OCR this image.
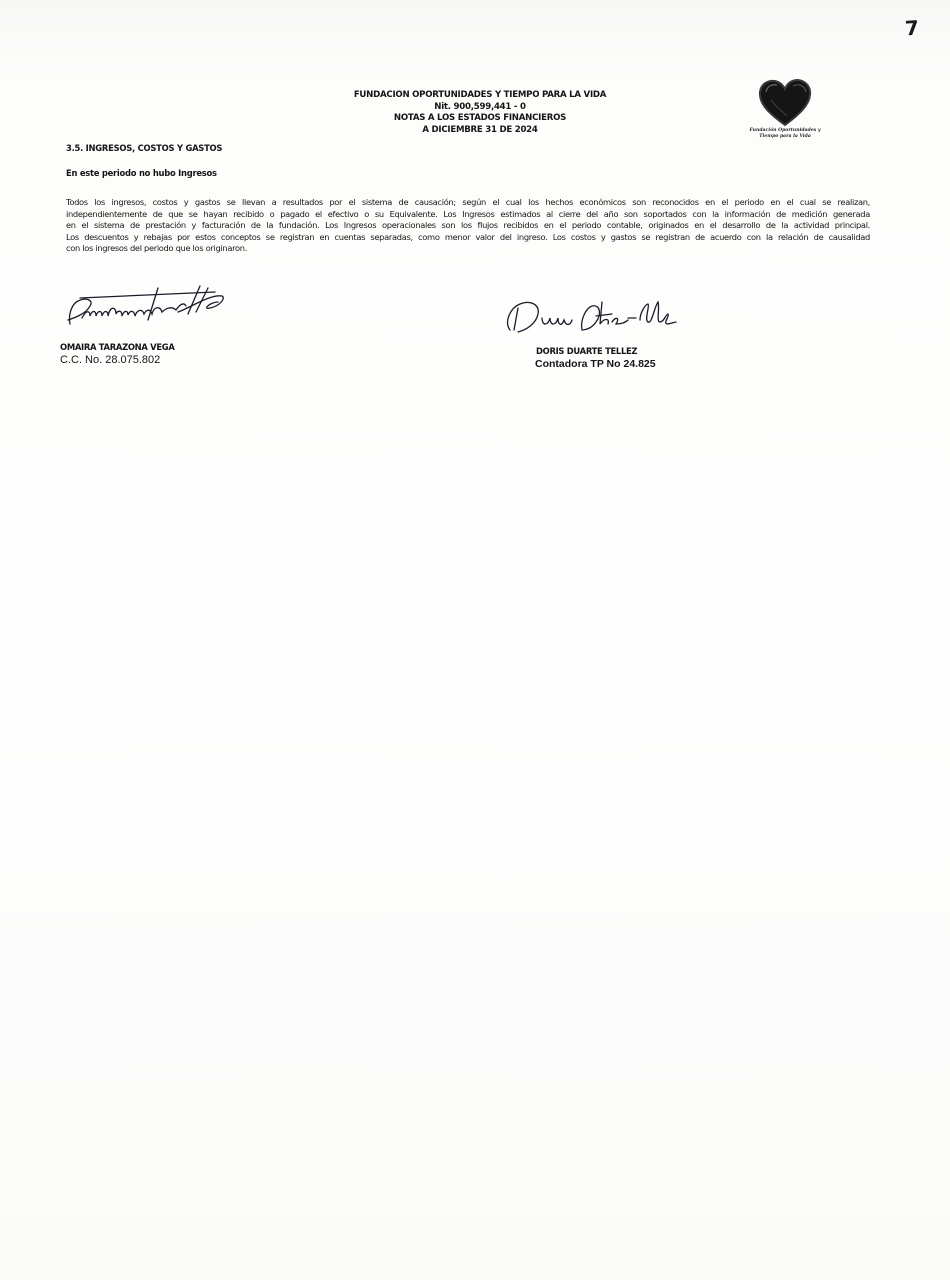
7
FUNDACION OPORTUNIDADES Y TIEMPO PARA LA VIDA
Nit. 900,599,441 - 0
NOTAS A LOS ESTADOS FINANCIEROS
A DICIEMBRE 31 DE 2024	Fundación Oportunidades y
Tiempo para la Vida
3.5. INGRESOS, COSTOS Y GASTOS
En este periodo no hubo Ingresos
Todos los ingresos, costos y gastos se llevan a resultados por el sistema de causación; según el cual los hechos económicos son reconocidos en el periodo en el cual se realizan,
independientemente de que se hayan recibido o pagado el efectivo o su Equivalente. Los Ingresos estimados al cierre del año son soportados con la información de medición generada
en el sistema de prestación y facturación de la fundación. Los Ingresos operacionales son los flujos recibidos en el periodo contable, originados en el desarrollo de la actividad principal.
Los descuentos y rebajas por estos conceptos se registran en cuentas separadas, como menor valor del ingreso. Los costos y gastos se registran de acuerdo con la relación de causalidad
con los ingresos del periodo que los originaron.
OMAIRA TARAZONA VEGA
C.C. No. 28.075.802
DORIS DUARTE TELLEZ
Contadora TP No 24.825
